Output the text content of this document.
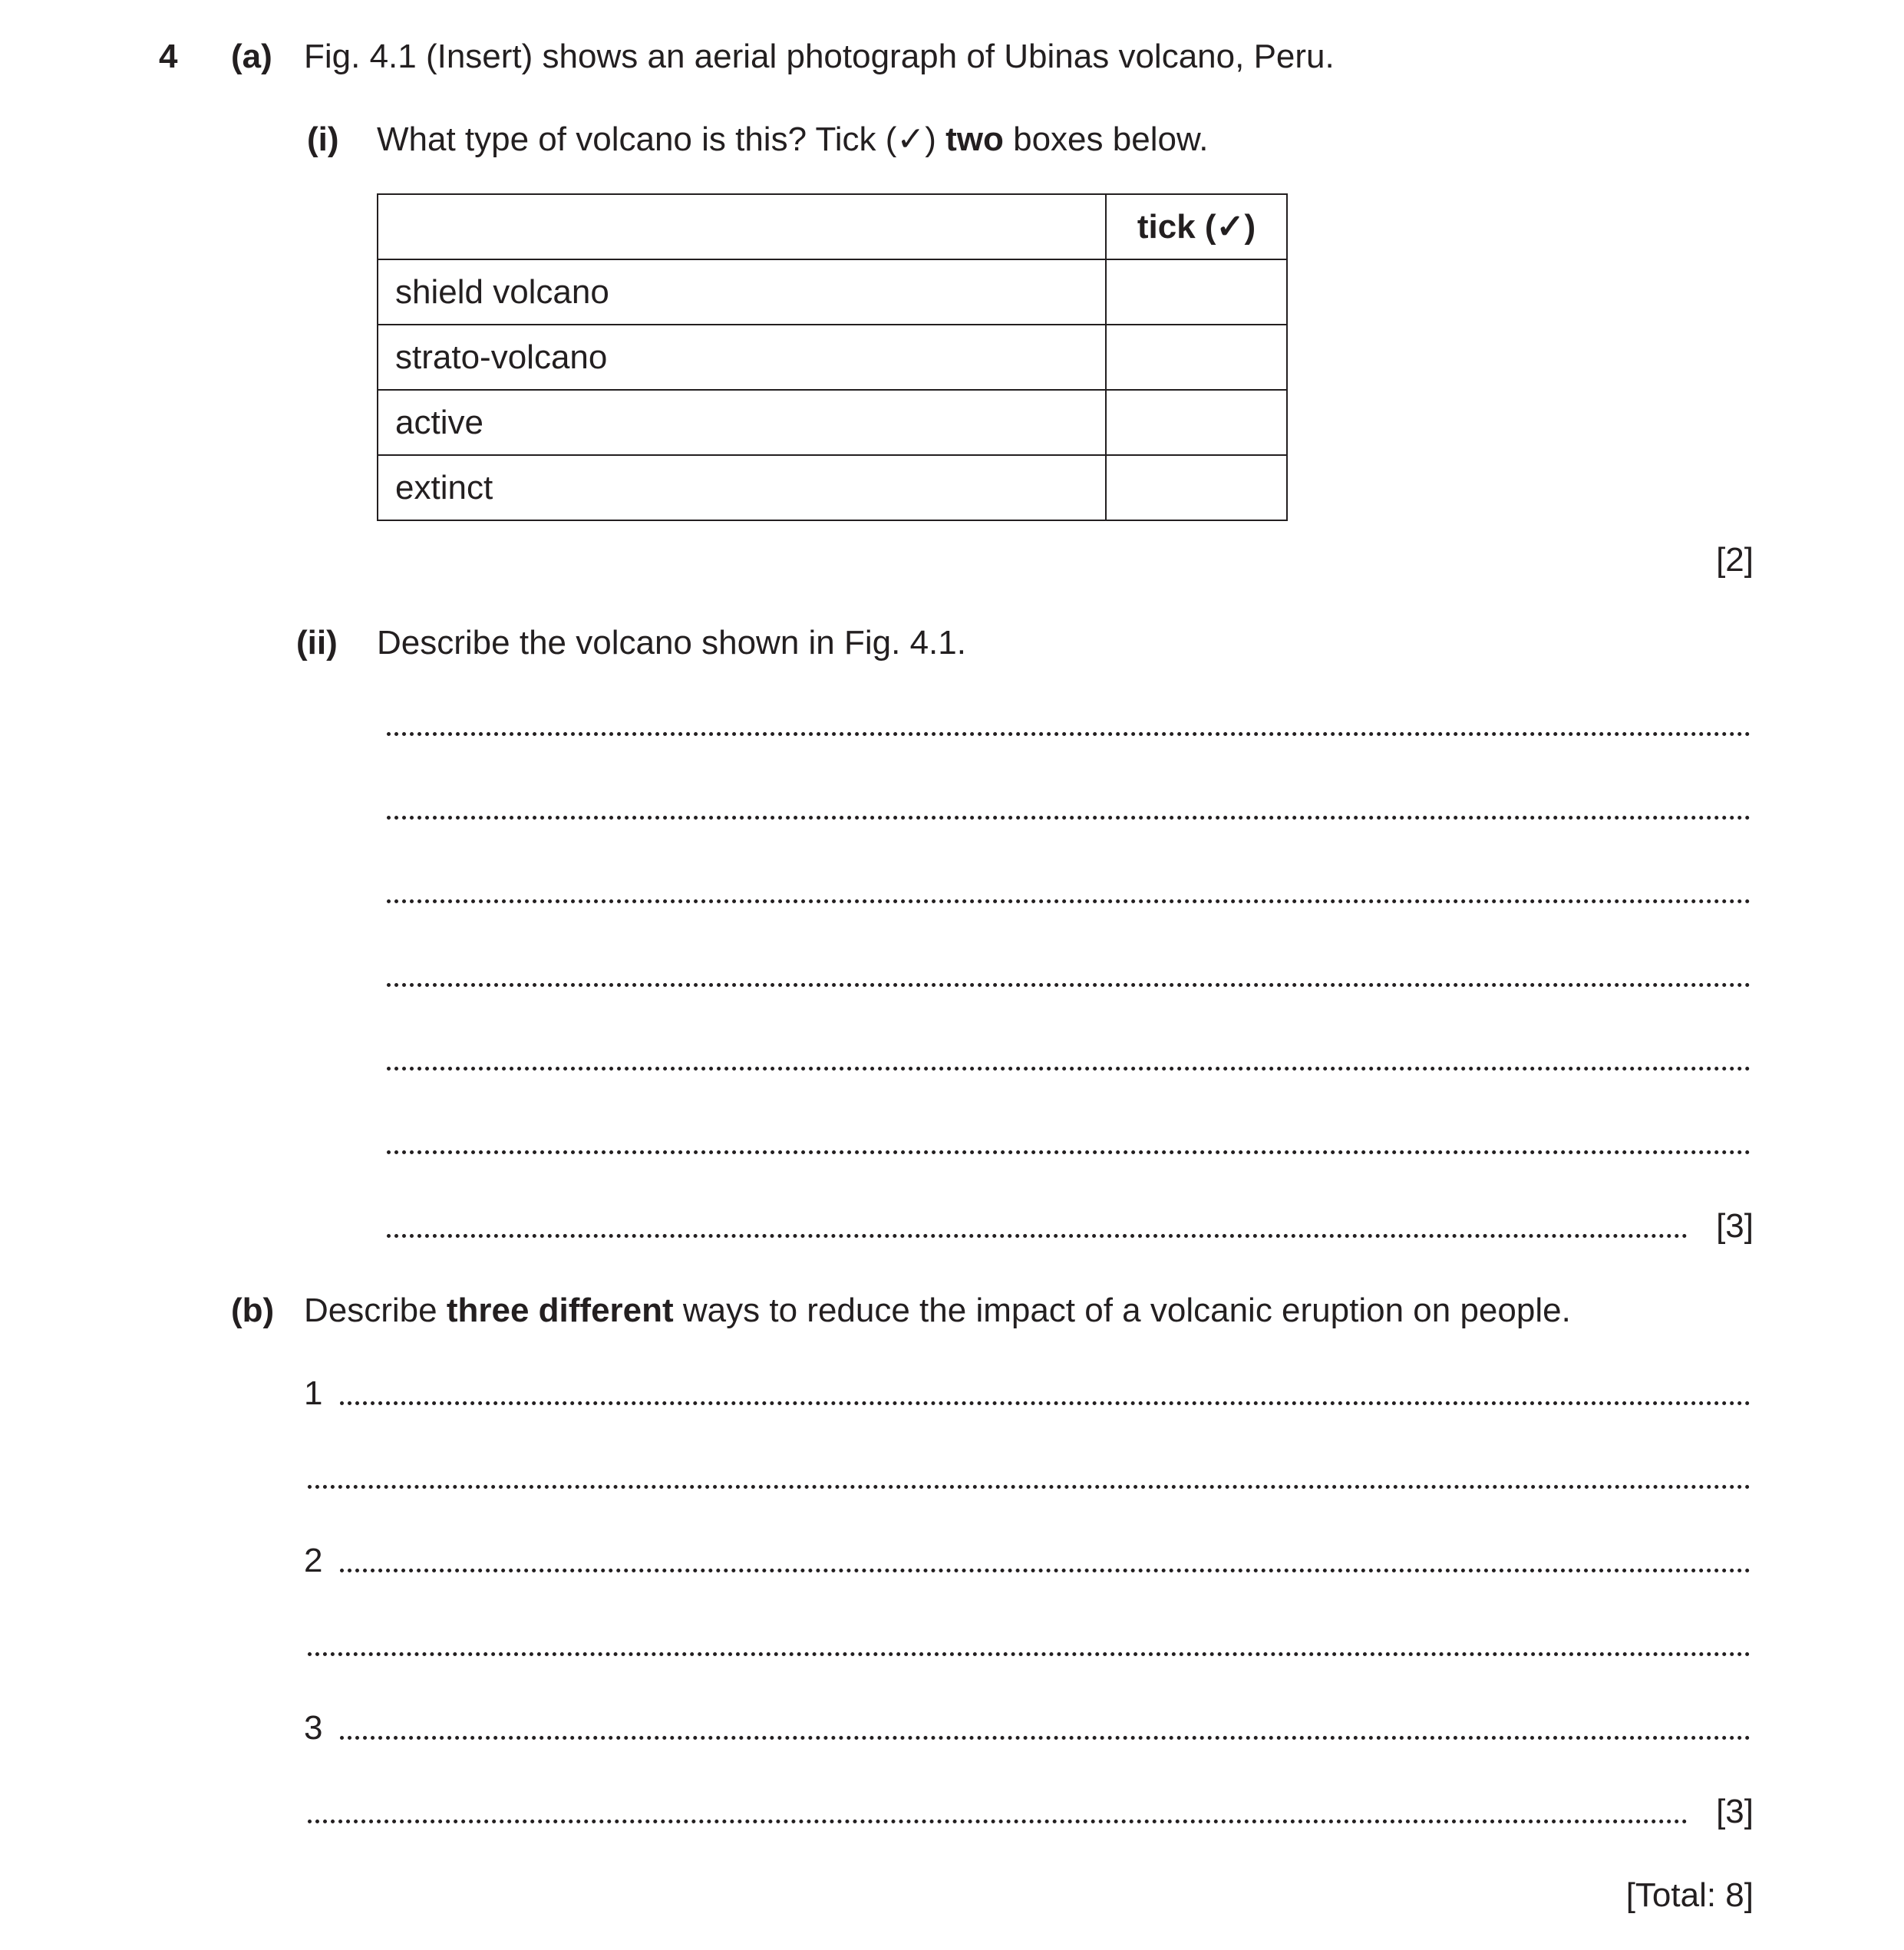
4 (a) Fig. 4.1 (Insert) shows an aerial photograph of Ubinas volcano, Peru.
(i) What type of volcano is this? Tick (✓) two boxes below.
	tick (✓)
shield volcano	
strato-volcano	
active	
extinct	
[2]
(ii) Describe the volcano shown in Fig. 4.1.
[3]
(b) Describe three different ways to reduce the impact of a volcanic eruption on people.
1
2
3
[3]
[Total: 8]
